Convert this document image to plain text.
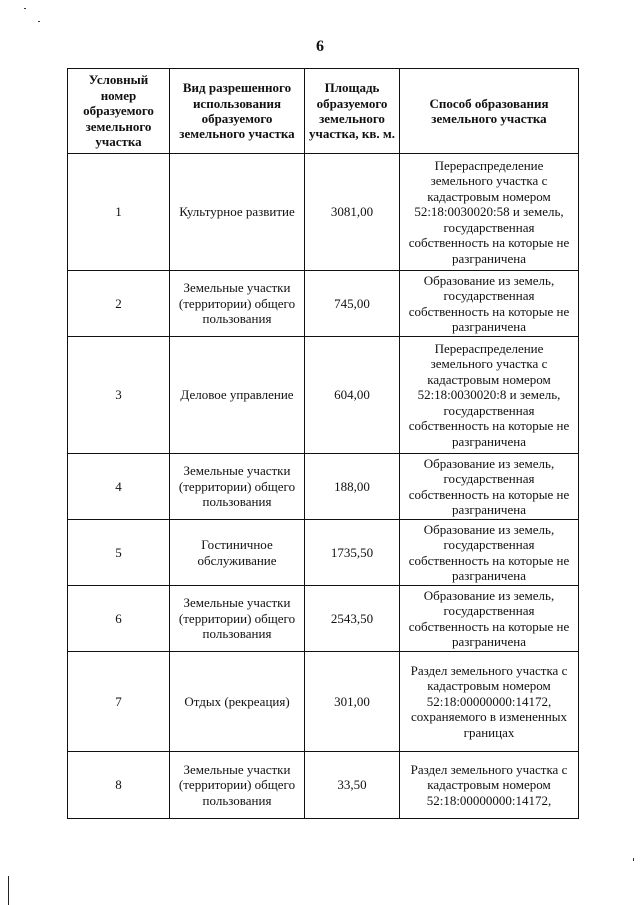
6
Условный номер образуемого земельного участка	Вид разрешенного использования образуемого земельного участка	Площадь образуемого земельного участка, кв. м.	Способ образования земельного участка
1	Культурное развитие	3081,00	Перераспределение земельного участка с кадастровым номером 52:18:0030020:58 и земель, государственная собственность на которые не разграничена
2	Земельные участки (территории) общего пользования	745,00	Образование из земель, государственная собственность на которые не разграничена
3	Деловое управление	604,00	Перераспределение земельного участка с кадастровым номером 52:18:0030020:8 и земель, государственная собственность на которые не разграничена
4	Земельные участки (территории) общего пользования	188,00	Образование из земель, государственная собственность на которые не разграничена
5	Гостиничное обслуживание	1735,50	Образование из земель, государственная собственность на которые не разграничена
6	Земельные участки (территории) общего пользования	2543,50	Образование из земель, государственная собственность на которые не разграничена
7	Отдых (рекреация)	301,00	Раздел земельного участка с кадастровым номером 52:18:00000000:14172, сохраняемого в измененных границах
8	Земельные участки (территории) общего пользования	33,50	Раздел земельного участка с кадастровым номером 52:18:00000000:14172,
